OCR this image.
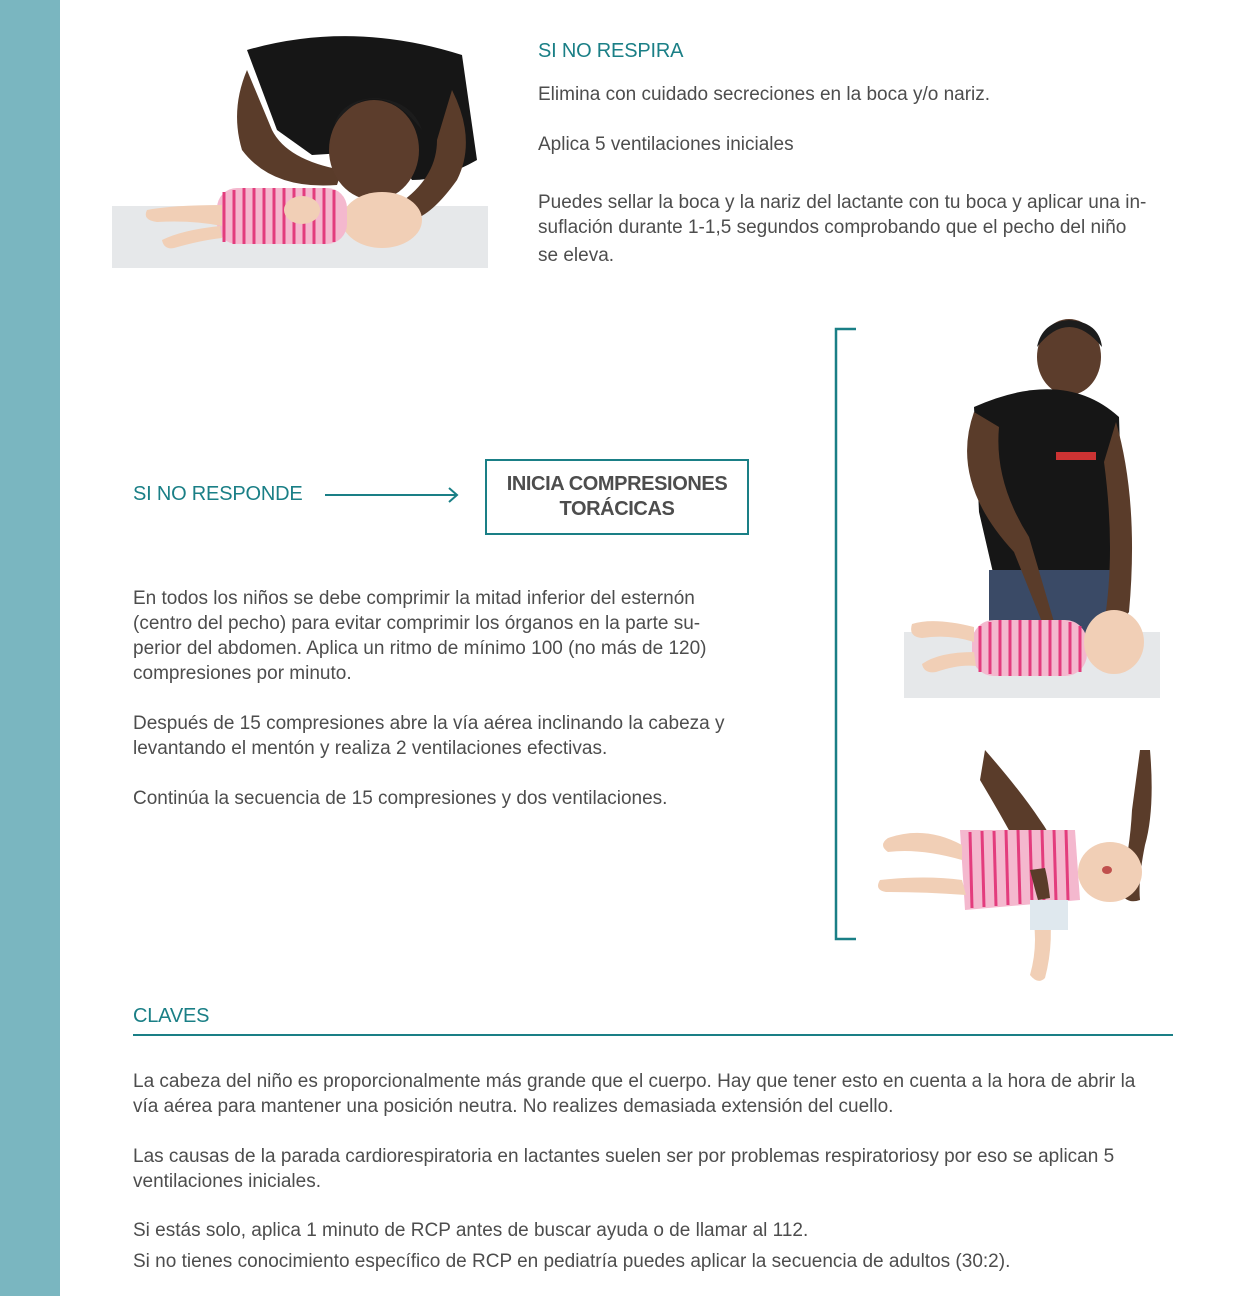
SI NO RESPIRA

Elimina con cuidado secreciones en la boca y/o nariz.

Aplica 5 ventilaciones iniciales

Puedes sellar la boca y la nariz del lactante con tu boca y aplicar una in-
suflación durante 1-1,5 segundos comprobando que el pecho del niño
se eleva.
SI NO RESPONDE	INICIA COMPRESIONES
TORÁCICAS
En todos los niños se debe comprimir la mitad inferior del esternón
(centro del pecho) para evitar comprimir los órganos en la parte su-
perior del abdomen. Aplica un ritmo de mínimo 100 (no más de 120)
compresiones por minuto.
Después de 15 compresiones abre la vía aérea inclinando la cabeza y
levantando el mentón y realiza 2 ventilaciones efectivas.

Continúa la secuencia de 15 compresiones y dos ventilaciones.

CLAVES
La cabeza del niño es proporcionalmente más grande que el cuerpo. Hay que tener esto en cuenta a la hora de abrir la
vía aérea para mantener una posición neutra. No realizes demasiada extensión del cuello.
Las causas de la parada cardiorespiratoria en lactantes suelen ser por problemas respiratoriosy por eso se aplican 5
ventilaciones iniciales.
Si estás solo, aplica 1 minuto de RCP antes de buscar ayuda o de llamar al 112.
Si no tienes conocimiento específico de RCP en pediatría puedes aplicar la secuencia de adultos (30:2).
